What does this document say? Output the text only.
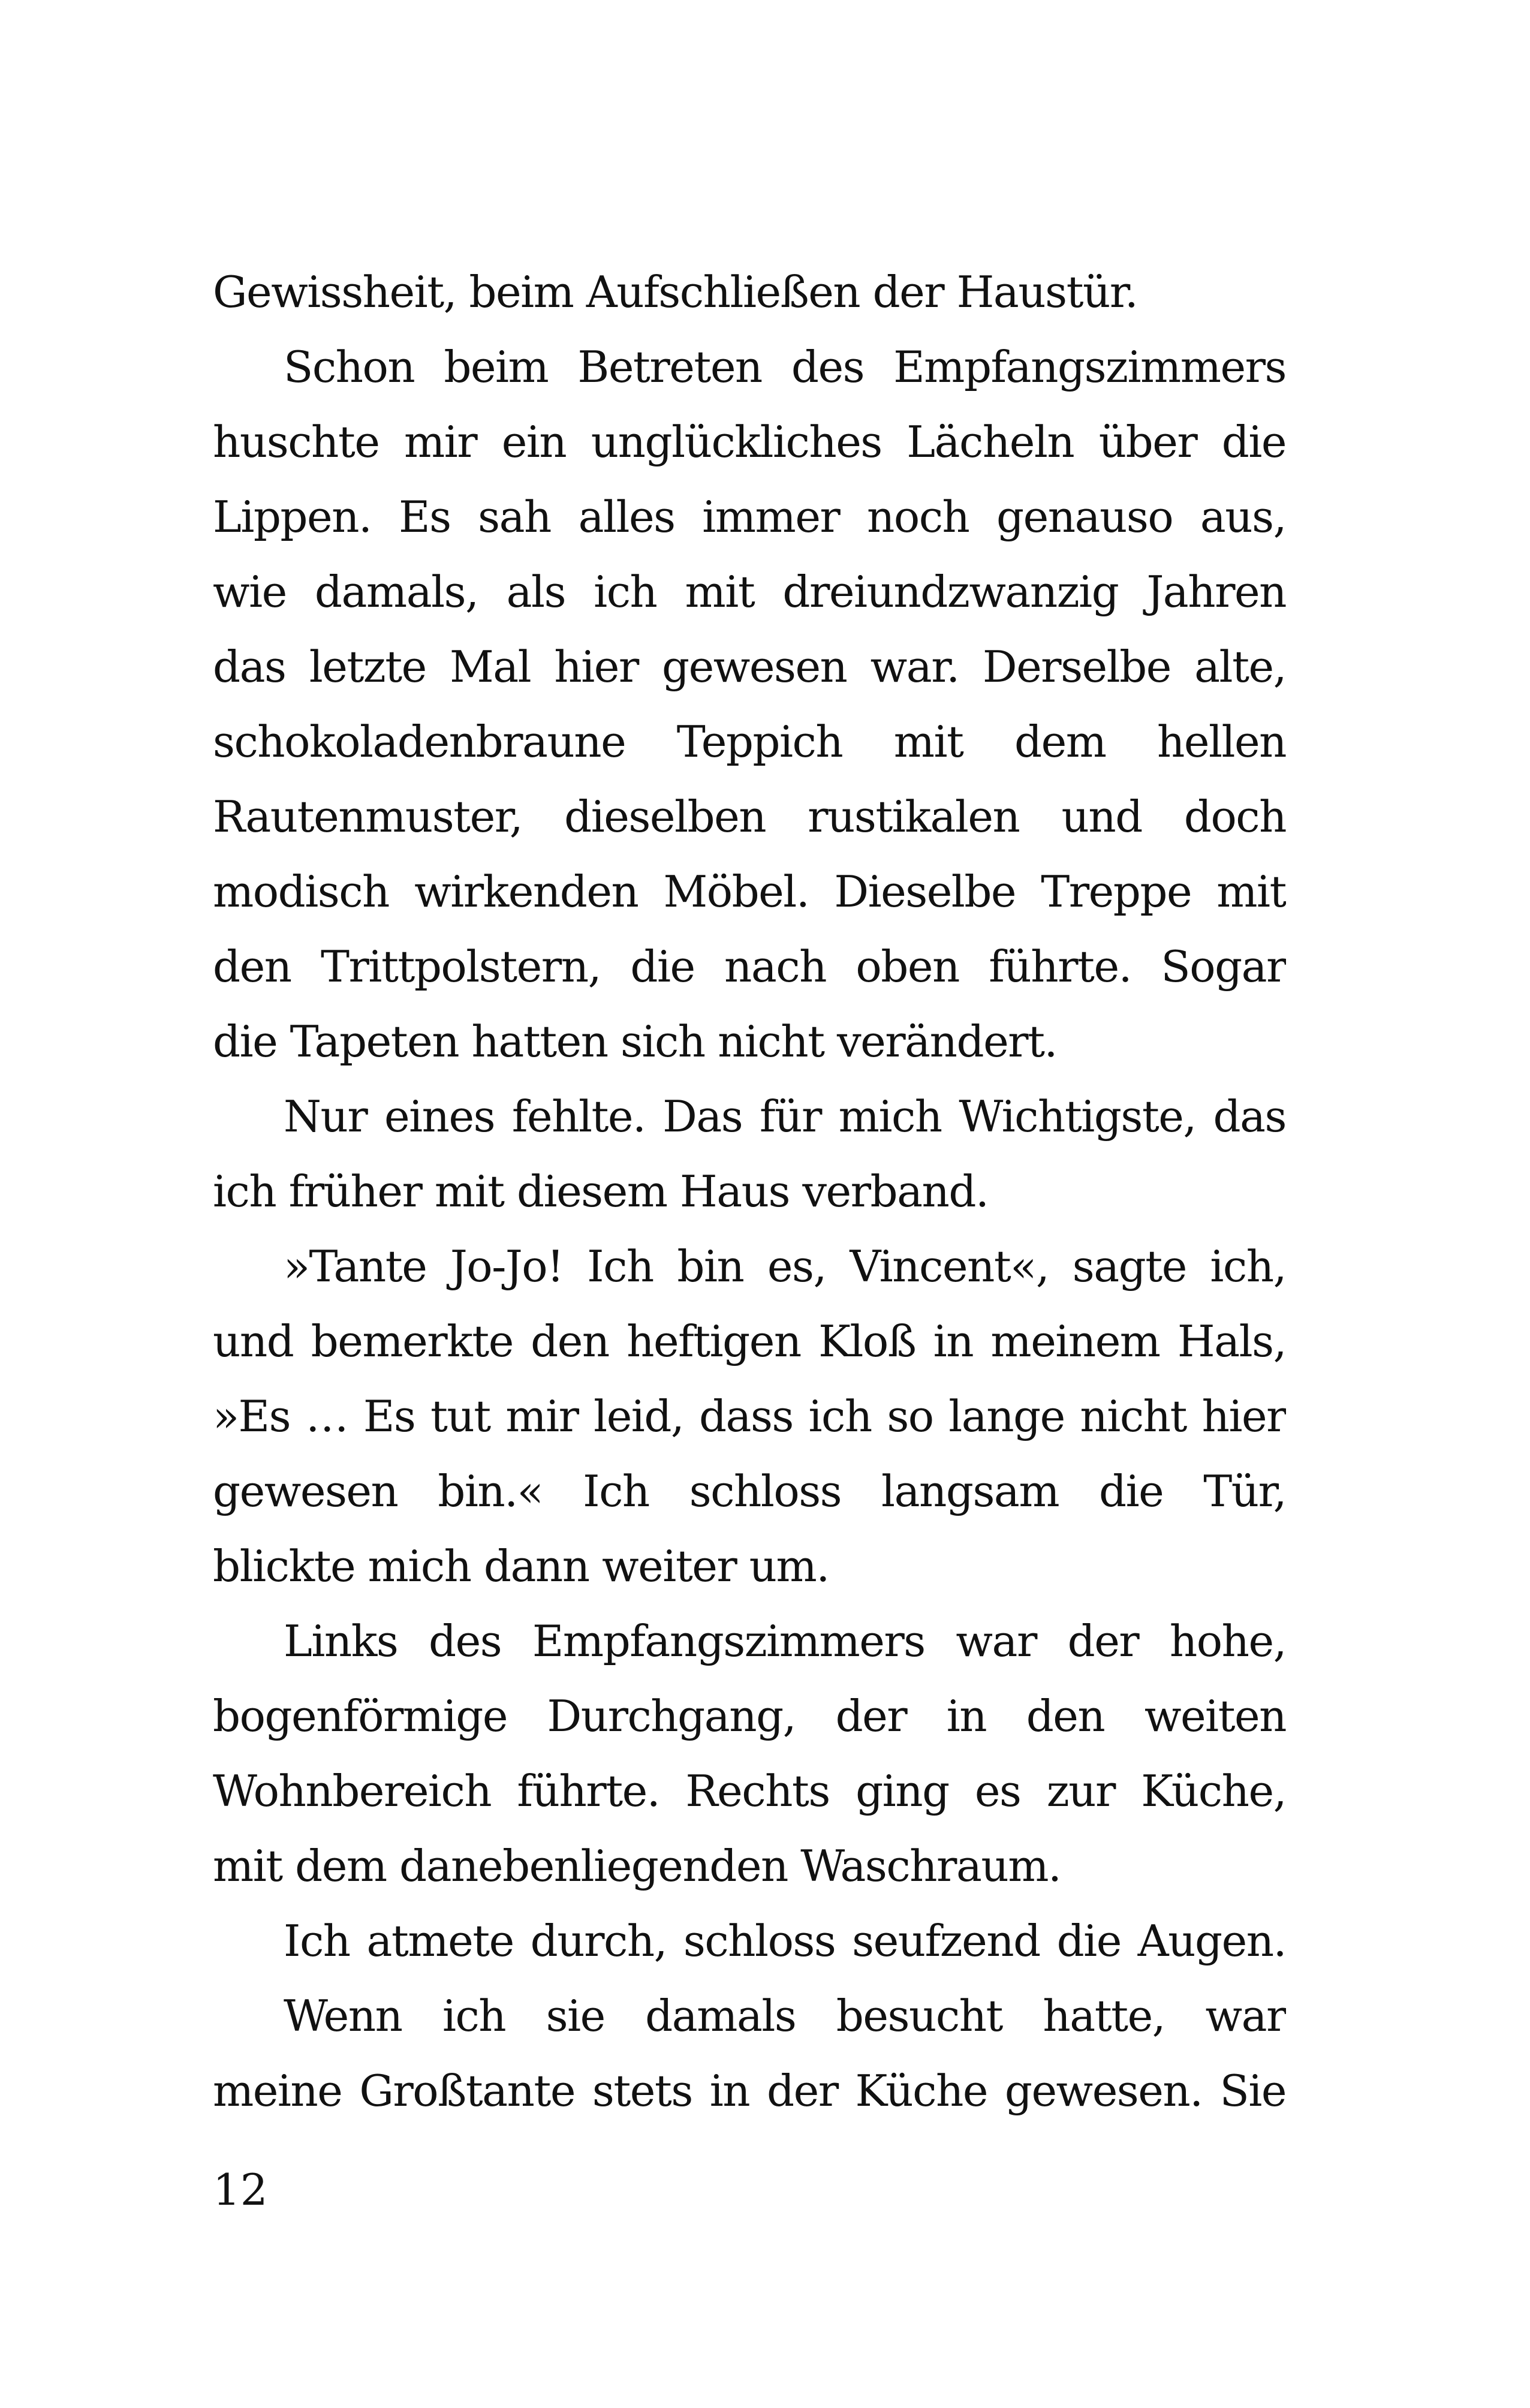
Gewissheit, beim Aufschließen der Haustür.
Schon beim Betreten des Empfangszimmers
huschte mir ein unglückliches Lächeln über die
Lippen. Es sah alles immer noch genauso aus,
wie damals, als ich mit dreiundzwanzig Jahren
das letzte Mal hier gewesen war. Derselbe alte,
schokoladenbraune Teppich mit dem hellen
Rautenmuster, dieselben rustikalen und doch
modisch wirkenden Möbel. Dieselbe Treppe mit
den Trittpolstern, die nach oben führte. Sogar
die Tapeten hatten sich nicht verändert.
Nur eines fehlte. Das für mich Wichtigste, das
ich früher mit diesem Haus verband.
»Tante Jo-Jo! Ich bin es, Vincent«, sagte ich,
und bemerkte den heftigen Kloß in meinem Hals,
»Es … Es tut mir leid, dass ich so lange nicht hier
gewesen bin.« Ich schloss langsam die Tür,
blickte mich dann weiter um.
Links des Empfangszimmers war der hohe,
bogenförmige Durchgang, der in den weiten
Wohnbereich führte. Rechts ging es zur Küche,
mit dem danebenliegenden Waschraum.
Ich atmete durch, schloss seufzend die Augen.
Wenn ich sie damals besucht hatte, war
meine Großtante stets in der Küche gewesen. Sie
12
